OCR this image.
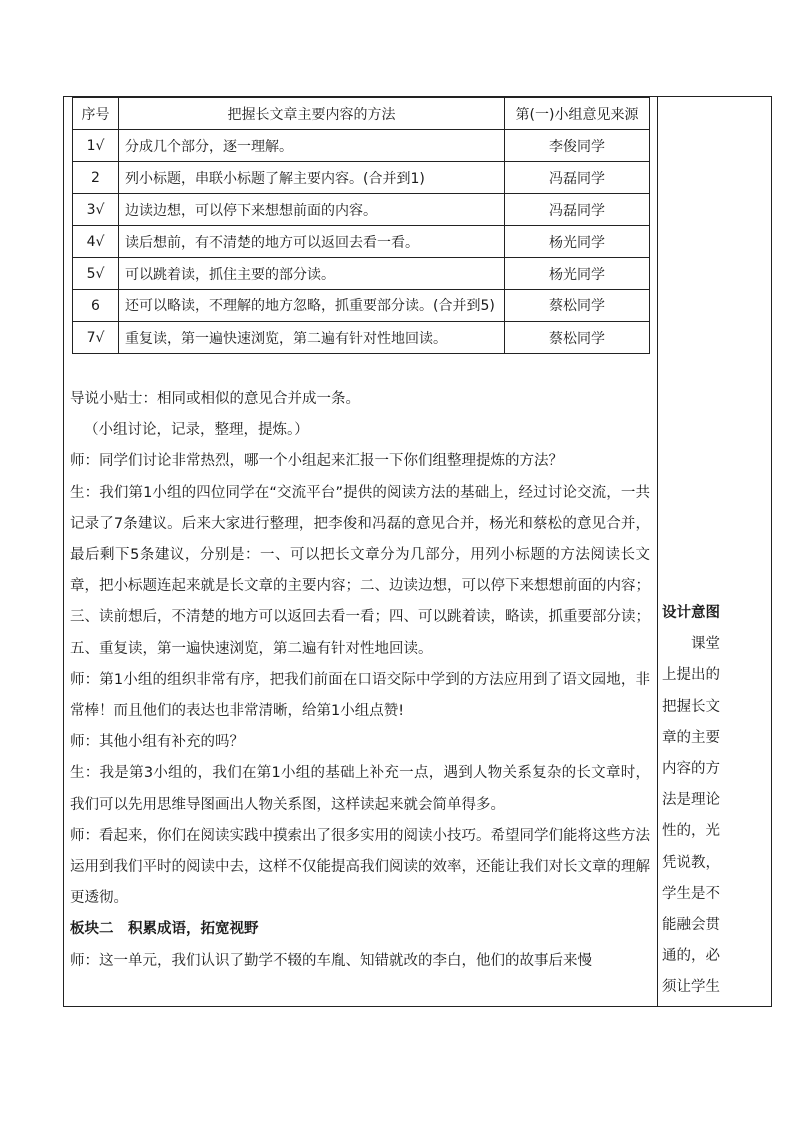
序号	把握长文章主要内容的方法	第(一)小组意见来源
1√	分成几个部分，逐一理解。	李俊同学
2	列小标题，串联小标题了解主要内容。(合并到1)	冯磊同学
3√	边读边想，可以停下来想想前面的内容。	冯磊同学
4√	读后想前，有不清楚的地方可以返回去看一看。	杨光同学
5√	可以跳着读，抓住主要的部分读。	杨光同学
6	还可以略读，不理解的地方忽略，抓重要部分读。(合并到5)	蔡松同学
7√	重复读，第一遍快速浏览，第二遍有针对性地回读。	蔡松同学

导说小贴士：相同或相似的意见合并成一条。

（小组讨论，记录，整理，提炼。）

师：同学们讨论非常热烈，哪一个小组起来汇报一下你们组整理提炼的方法？

生：我们第1小组的四位同学在“交流平台”提供的阅读方法的基础上，经过讨论交流，一共记录了7条建议。后来大家进行整理，把李俊和冯磊的意见合并，杨光和蔡松的意见合并，最后剩下5条建议，分别是：一、可以把长文章分为几部分，用列小标题的方法阅读长文章，把小标题连起来就是长文章的主要内容；二、边读边想，可以停下来想想前面的内容；三、读前想后，不清楚的地方可以返回去看一看；四、可以跳着读，略读，抓重要部分读；五、重复读，第一遍快速浏览，第二遍有针对性地回读。

师：第1小组的组织非常有序，把我们前面在口语交际中学到的方法应用到了语文园地，非常棒！而且他们的表达也非常清晰，给第1小组点赞!

师：其他小组有补充的吗？

生：我是第3小组的，我们在第1小组的基础上补充一点，遇到人物关系复杂的长文章时，我们可以先用思维导图画出人物关系图，这样读起来就会简单得多。

师：看起来，你们在阅读实践中摸索出了很多实用的阅读小技巧。希望同学们能将这些方法运用到我们平时的阅读中去，这样不仅能提高我们阅读的效率，还能让我们对长文章的理解更透彻。

板块二　积累成语，拓宽视野

师：这一单元，我们认识了勤学不辍的车胤、知错就改的李白，他们的故事后来慢

设计意图
　　课堂上提出的把握长文章的主要内容的方法是理论性的，光凭说教，学生是不能融会贯通的，必须让学生
